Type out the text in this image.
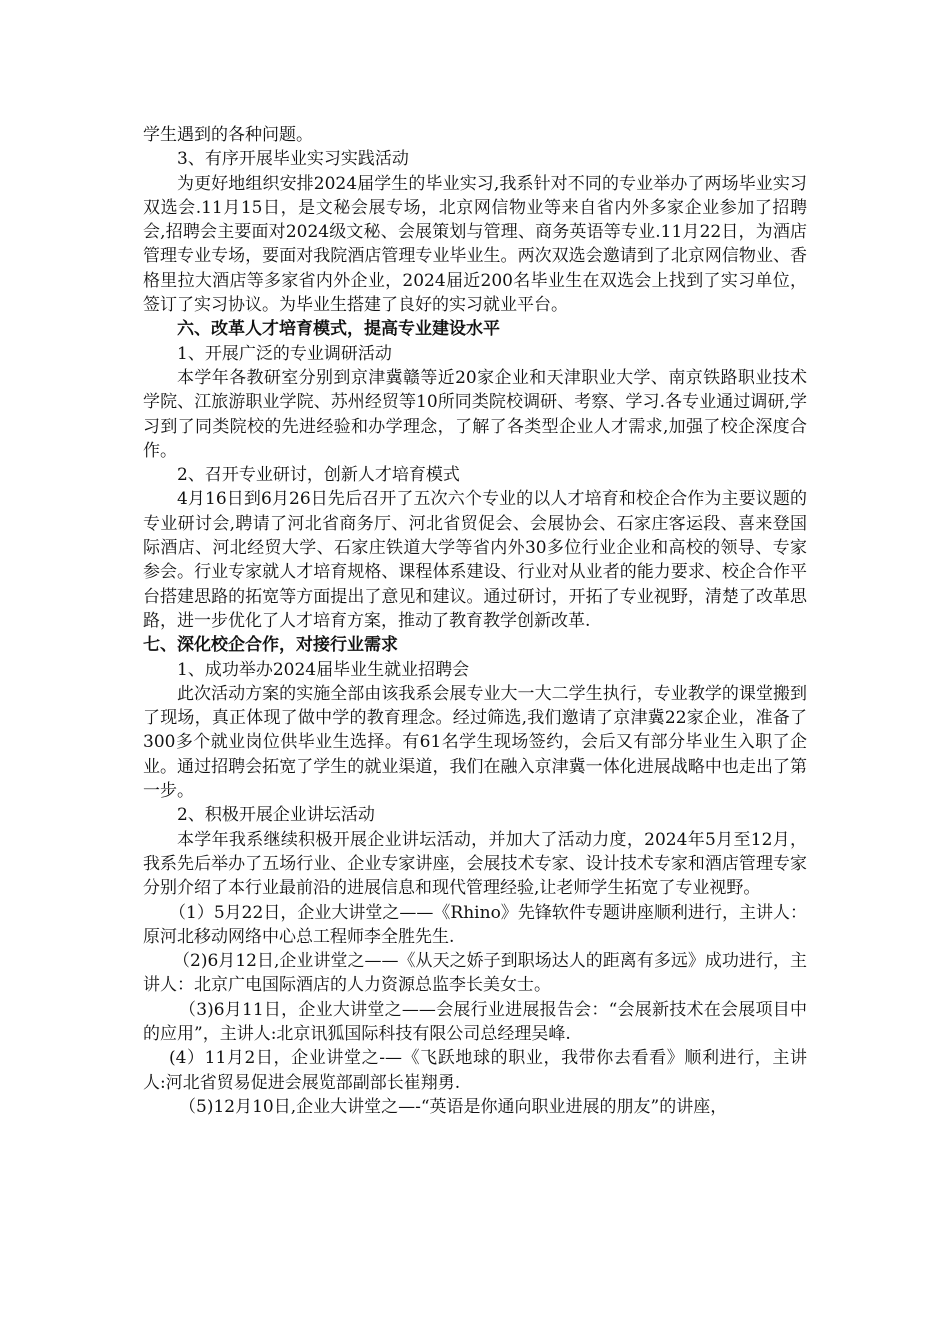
学生遇到的各种问题。

3、有序开展毕业实习实践活动

为更好地组织安排2024届学生的毕业实习,我系针对不同的专业举办了两场毕业实习双选会.11月15日，是文秘会展专场，北京网信物业等来自省内外多家企业参加了招聘会,招聘会主要面对2024级文秘、会展策划与管理、商务英语等专业.11月22日，为酒店管理专业专场，要面对我院酒店管理专业毕业生。两次双选会邀请到了北京网信物业、香格里拉大酒店等多家省内外企业，2024届近200名毕业生在双选会上找到了实习单位，签订了实习协议。为毕业生搭建了良好的实习就业平台。

六、改革人才培育模式，提高专业建设水平

1、开展广泛的专业调研活动

本学年各教研室分别到京津冀赣等近20家企业和天津职业大学、南京铁路职业技术学院、江旅游职业学院、苏州经贸等10所同类院校调研、考察、学习.各专业通过调研,学习到了同类院校的先进经验和办学理念，了解了各类型企业人才需求,加强了校企深度合作。

2、召开专业研讨，创新人才培育模式

4月16日到6月26日先后召开了五次六个专业的以人才培育和校企合作为主要议题的专业研讨会,聘请了河北省商务厅、河北省贸促会、会展协会、石家庄客运段、喜来登国际酒店、河北经贸大学、石家庄铁道大学等省内外30多位行业企业和高校的领导、专家参会。行业专家就人才培育规格、课程体系建设、行业对从业者的能力要求、校企合作平台搭建思路的拓宽等方面提出了意见和建议。通过研讨，开拓了专业视野，清楚了改革思路，进一步优化了人才培育方案，推动了教育教学创新改革.

七、深化校企合作，对接行业需求

1、成功举办2024届毕业生就业招聘会

此次活动方案的实施全部由该我系会展专业大一大二学生执行，专业教学的课堂搬到了现场，真正体现了做中学的教育理念。经过筛选,我们邀请了京津冀22家企业，准备了300多个就业岗位供毕业生选择。有61名学生现场签约，会后又有部分毕业生入职了企业。通过招聘会拓宽了学生的就业渠道，我们在融入京津冀一体化进展战略中也走出了第一步。

2、积极开展企业讲坛活动

本学年我系继续积极开展企业讲坛活动，并加大了活动力度，2024年5月至12月，我系先后举办了五场行业、企业专家讲座，会展技术专家、设计技术专家和酒店管理专家分别介绍了本行业最前沿的进展信息和现代管理经验,让老师学生拓宽了专业视野。

（1）5月22日，企业大讲堂之——《Rhino》先锋软件专题讲座顺利进行，主讲人：原河北移动网络中心总工程师李全胜先生.

（2)6月12日,企业讲堂之——《从天之娇子到职场达人的距离有多远》成功进行，主讲人：北京广电国际酒店的人力资源总监李长美女士。

（3)6月11日，企业大讲堂之——会展行业进展报告会：“会展新技术在会展项目中的应用”，主讲人:北京讯狐国际科技有限公司总经理吴峰.

(4）11月2日，企业讲堂之-—《飞跃地球的职业，我带你去看看》顺利进行，主讲人:河北省贸易促进会展览部副部长崔翔勇.

（5)12月10日,企业大讲堂之—-“英语是你通向职业进展的朋友”的讲座，
